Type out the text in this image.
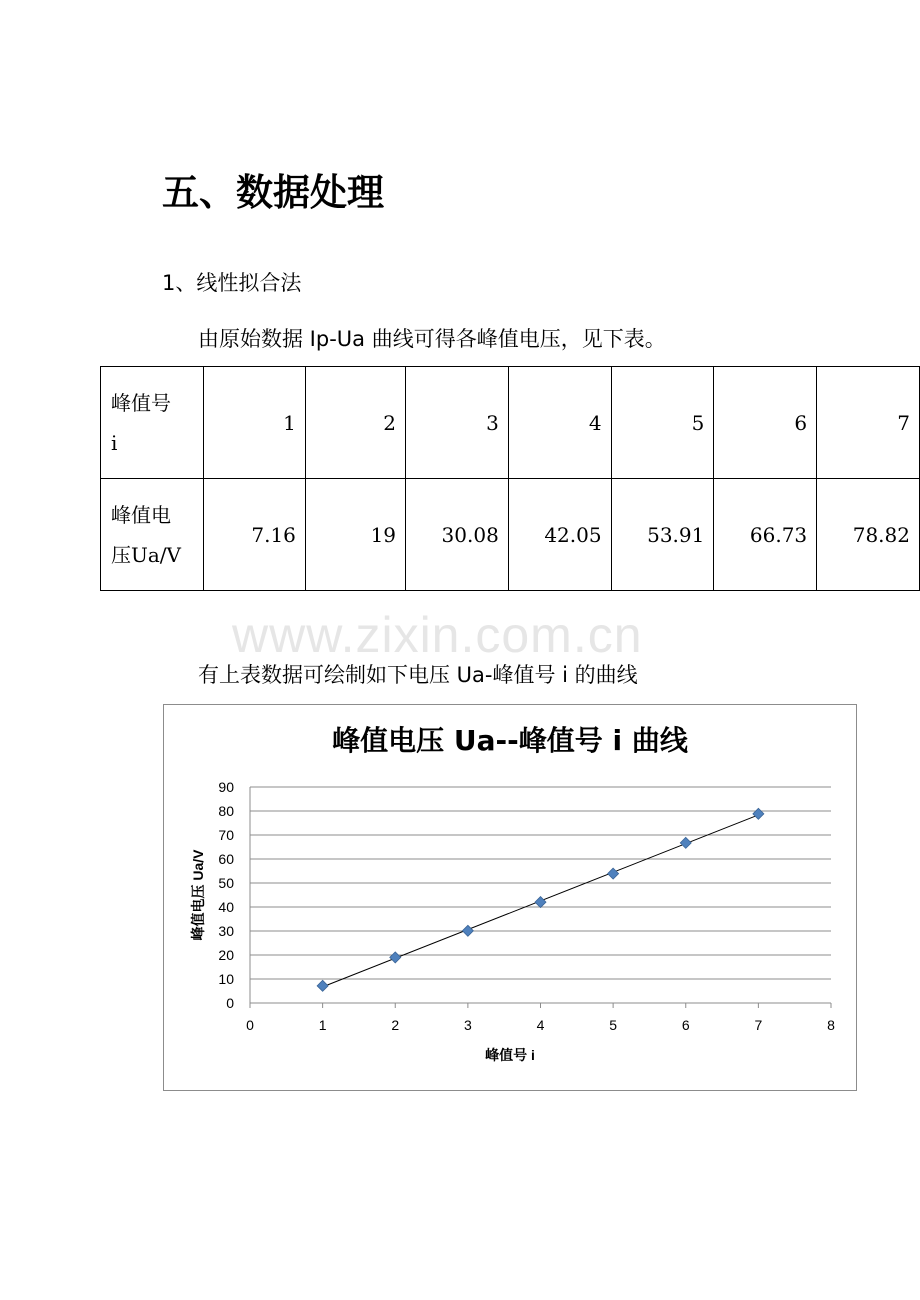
五、数据处理
1、线性拟合法
由原始数据 Ip-Ua 曲线可得各峰值电压，见下表。
峰值号
i	1	2	3	4	5	6	7
峰值电
压Ua/V	7.16	19	30.08	42.05	53.91	66.73	78.82
www.zixin.com.cn
有上表数据可绘制如下电压 Ua-峰值号 i 的曲线
峰值电压 Ua--峰值号 i 曲线
0
10
20
30
40
50
60
70
80
90
0	1	2	3	4	5	6	7	8
峰值号 i
峰值电压 Ua/V
